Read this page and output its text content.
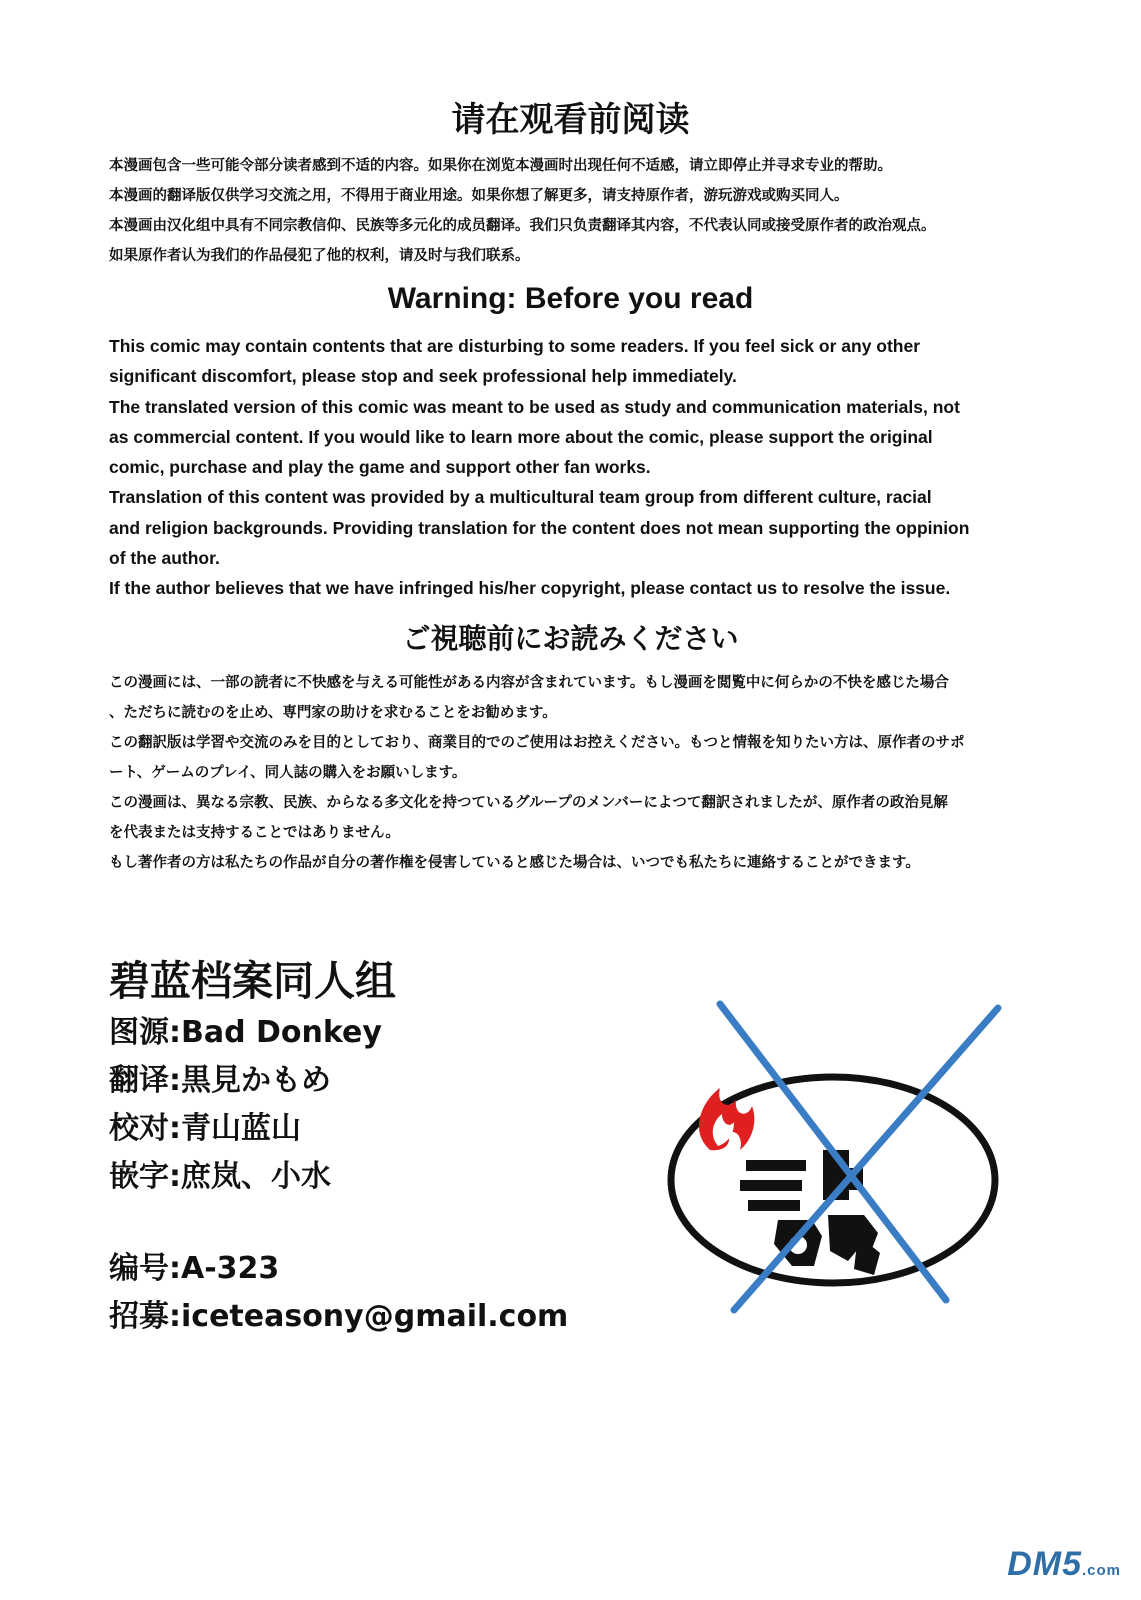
请在观看前阅读
本漫画包含一些可能令部分读者感到不适的内容。如果你在浏览本漫画时出现任何不适感，请立即停止并寻求专业的帮助。
本漫画的翻译版仅供学习交流之用，不得用于商业用途。如果你想了解更多，请支持原作者，游玩游戏或购买同人。
本漫画由汉化组中具有不同宗教信仰、民族等多元化的成员翻译。我们只负责翻译其内容，不代表认同或接受原作者的政治观点。
如果原作者认为我们的作品侵犯了他的权利，请及时与我们联系。
Warning: Before you read
This comic may contain contents that are disturbing to some readers. If you feel sick or any other
significant discomfort, please stop and seek professional help immediately.
The translated version of this comic was meant to be used as study and communication materials, not
as commercial content. If you would like to learn more about the comic, please support the original
comic, purchase and play the game and support other fan works.
Translation of this content was provided by a multicultural team group from different culture, racial
and religion backgrounds. Providing translation for the content does not mean supporting the oppinion
of the author.
If the author believes that we have infringed his/her copyright, please contact us to resolve the issue.
ご視聴前にお読みください
この漫画には、一部の読者に不快感を与える可能性がある内容が含まれています。もし漫画を閲覧中に何らかの不快を感じた場合
、ただちに読むのを止め、専門家の助けを求むることをお勧めます。
この翻訳版は学習や交流のみを目的としており、商業目的でのご使用はお控えください。もつと情報を知りたい方は、原作者のサポ
ート、ゲームのプレイ、同人誌の購入をお願いします。
この漫画は、異なる宗教、民族、からなる多文化を持つているグループのメンバーによつて翻訳されましたが、原作者の政治見解
を代表または支持することではありません。
もし著作者の方は私たちの作品が自分の著作権を侵害していると感じた場合は、いつでも私たちに連絡することができます。
碧蓝档案同人组
图源:Bad Donkey
翻译:黒見かもめ
校对:青山蓝山
嵌字:庶岚、小水
编号:A-323
招募:iceteasony@gmail.com
DM5.com
